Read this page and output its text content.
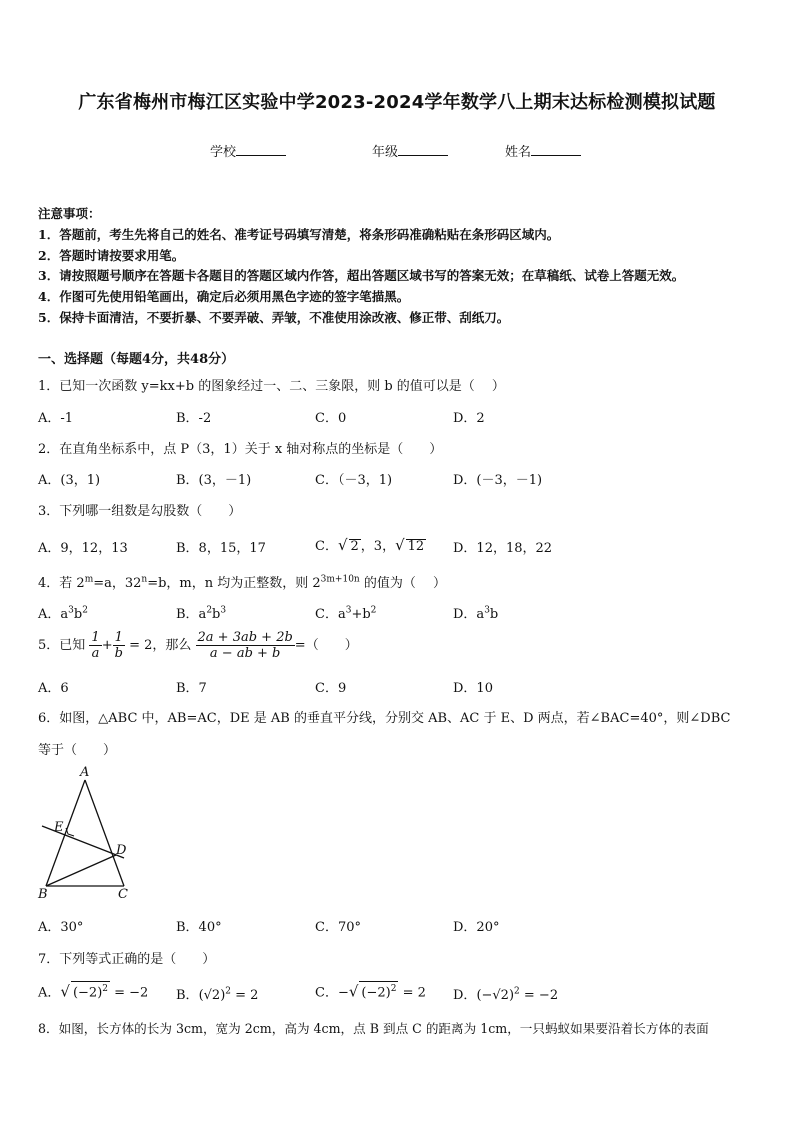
广东省梅州市梅江区实验中学2023-2024学年数学八上期末达标检测模拟试题
学校	年级	姓名
注意事项：
1．答题前，考生先将自己的姓名、准考证号码填写清楚，将条形码准确粘贴在条形码区域内。
2．答题时请按要求用笔。
3．请按照题号顺序在答题卡各题目的答题区域内作答，超出答题区域书写的答案无效；在草稿纸、试卷上答题无效。
4．作图可先使用铅笔画出，确定后必须用黑色字迹的签字笔描黑。
5．保持卡面清洁，不要折暴、不要弄破、弄皱，不准使用涂改液、修正带、刮纸刀。
一、选择题（每题4分，共48分）
1．已知一次函数 y=kx+b 的图象经过一、二、三象限，则 b 的值可以是（　 ）
A．-1	B．-2	C．0	D．2
2．在直角坐标系中，点 P（3，1）关于 x 轴对称点的坐标是（　　）
A．(3，1)	B．(3，－1)	C．（－3，1)	D．(－3，－1)
3．下列哪一组数是勾股数（　　）
A．9，12，13	B．8，15，17	C．√ 2 ，3，√ 12 D．12，18，22
4．若 $2^m=a$，$32^n=b$，m，n 均为正整数，则 $2^{3m+10n}$ 的值为（　 ）
A．$a^3b^2$	B．$a^2b^3$	C．$a^3+b^2$	D．$a^3b$
5．已知 $\frac{1}{a} + \frac{1}{b} = 2$，那么 $\frac{2a + 3ab + 2b}{a - ab + b}$ =（　　）
A．6	B．7	C．9	D．10
6．如图，△ABC 中，AB=AC，DE 是 AB 的垂直平分线，分别交 AB、AC 于 E、D 两点，若∠BAC=40°，则∠DBC
等于（　　）
A
E
D
B	C
A．30°	B．40°	C．70°	D．20°
7．下列等式正确的是（　　）
A．√ $(-2)^2 = -2$ B．$(√2)^2 = 2$	C．−√ $(-2)^2 = 2$ D．$(-√2)^2 = -2$
8．如图，长方体的长为 3cm，宽为 2cm，高为 4cm，点 B 到点 C 的距离为 1cm，一只蚂蚁如果要沿着长方体的表面
